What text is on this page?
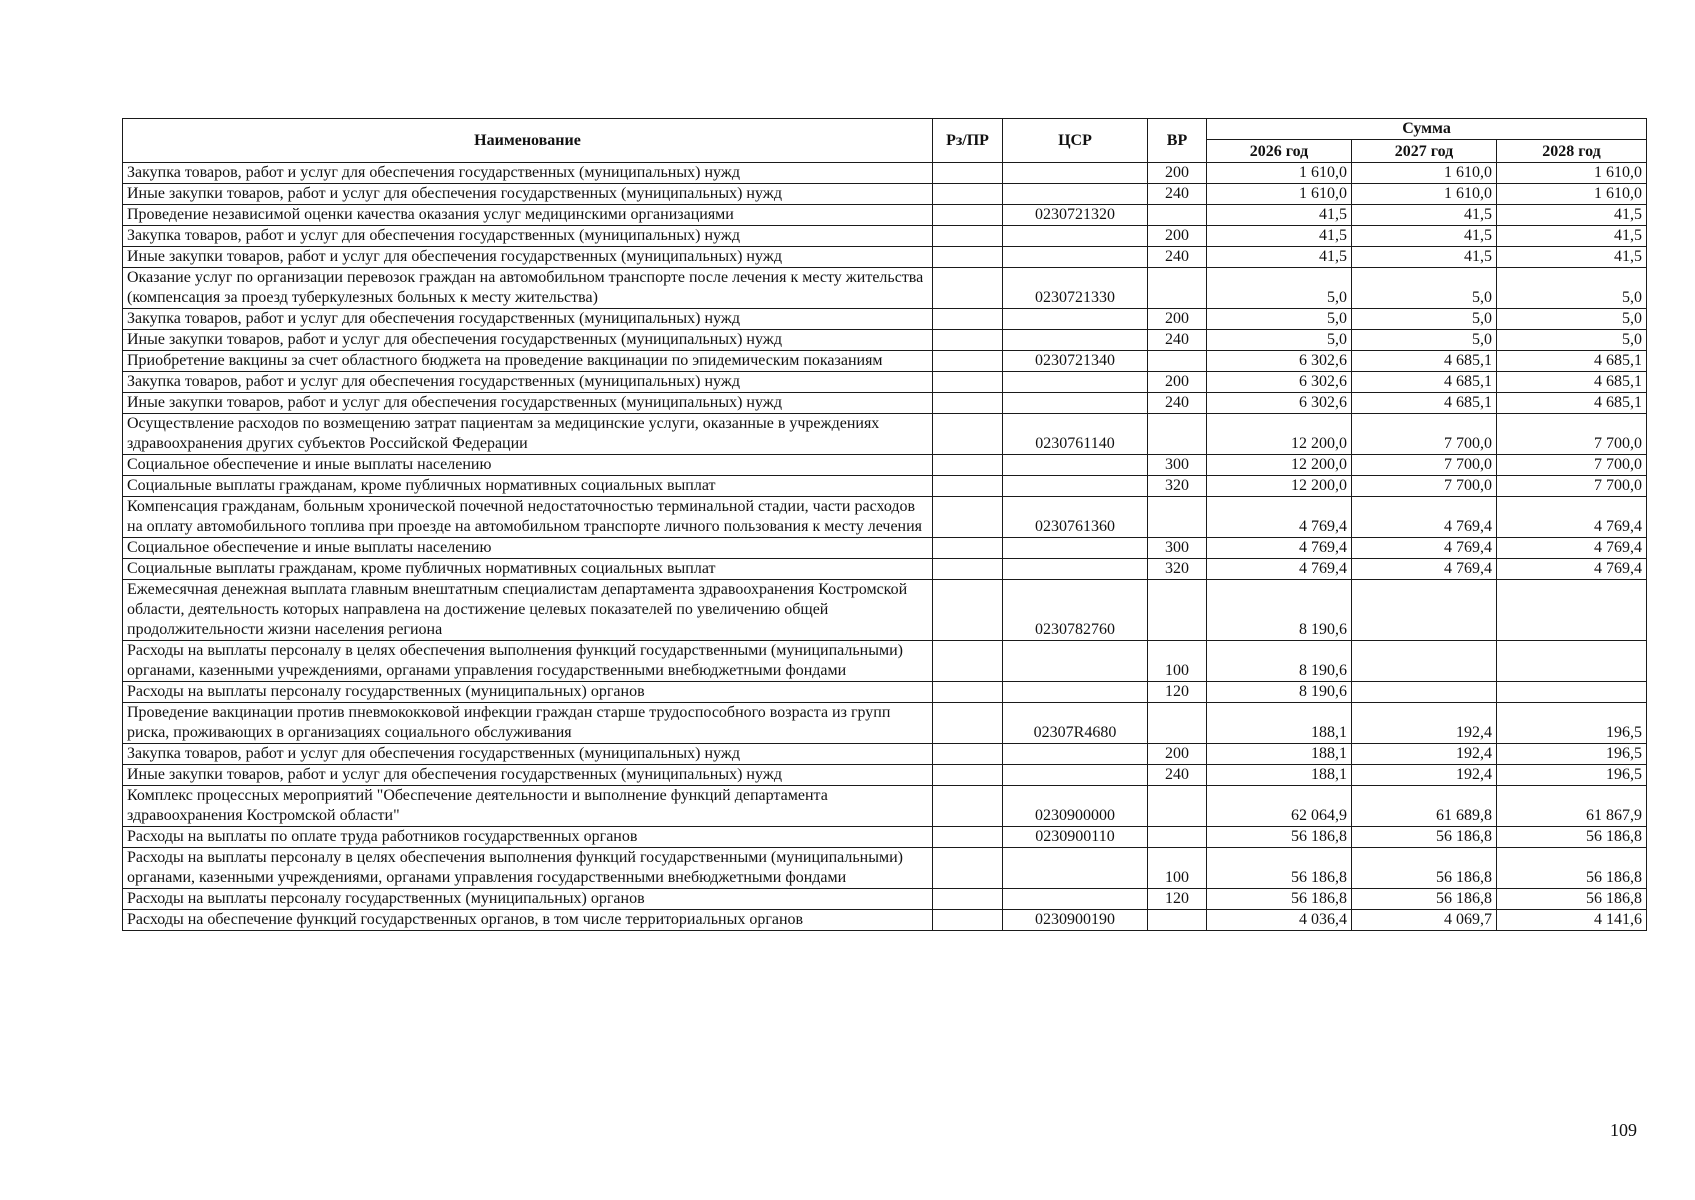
Наименование	Рз/ПР	ЦСР	ВР	Сумма		
				2026 год	2027 год	2028 год
Закупка товаров, работ и услуг для обеспечения государственных (муниципальных) нужд			200	1 610,0	1 610,0	1 610,0
Иные закупки товаров, работ и услуг для обеспечения государственных (муниципальных) нужд			240	1 610,0	1 610,0	1 610,0
Проведение независимой оценки качества оказания услуг медицинскими организациями		0230721320		41,5	41,5	41,5
Закупка товаров, работ и услуг для обеспечения государственных (муниципальных) нужд			200	41,5	41,5	41,5
Иные закупки товаров, работ и услуг для обеспечения государственных (муниципальных) нужд			240	41,5	41,5	41,5
Оказание услуг по организации перевозок граждан на автомобильном транспорте после лечения к месту жительства (компенсация за проезд туберкулезных больных к месту жительства)		0230721330		5,0	5,0	5,0
Закупка товаров, работ и услуг для обеспечения государственных (муниципальных) нужд			200	5,0	5,0	5,0
Иные закупки товаров, работ и услуг для обеспечения государственных (муниципальных) нужд			240	5,0	5,0	5,0
Приобретение вакцины за счет областного бюджета на проведение вакцинации по эпидемическим показаниям		0230721340		6 302,6	4 685,1	4 685,1
Закупка товаров, работ и услуг для обеспечения государственных (муниципальных) нужд			200	6 302,6	4 685,1	4 685,1
Иные закупки товаров, работ и услуг для обеспечения государственных (муниципальных) нужд			240	6 302,6	4 685,1	4 685,1
Осуществление расходов по возмещению затрат пациентам за медицинские услуги, оказанные в учреждениях здравоохранения других субъектов Российской Федерации		0230761140		12 200,0	7 700,0	7 700,0
Социальное обеспечение и иные выплаты населению			300	12 200,0	7 700,0	7 700,0
Социальные выплаты гражданам, кроме публичных нормативных социальных выплат			320	12 200,0	7 700,0	7 700,0
Компенсация гражданам, больным хронической почечной недостаточностью терминальной стадии, части расходов на оплату автомобильного топлива при проезде на автомобильном транспорте личного пользования к месту лечения		0230761360		4 769,4	4 769,4	4 769,4
Социальное обеспечение и иные выплаты населению			300	4 769,4	4 769,4	4 769,4
Социальные выплаты гражданам, кроме публичных нормативных социальных выплат			320	4 769,4	4 769,4	4 769,4
Ежемесячная денежная выплата главным внештатным специалистам департамента здравоохранения Костромской области, деятельность которых направлена на достижение целевых показателей по увеличению общей продолжительности жизни населения региона		0230782760		8 190,6		
Расходы на выплаты персоналу в целях обеспечения выполнения функций государственными (муниципальными) органами, казенными учреждениями, органами управления государственными внебюджетными фондами			100	8 190,6		
Расходы на выплаты персоналу государственных (муниципальных) органов			120	8 190,6		
Проведение вакцинации против пневмококковой инфекции граждан старше трудоспособного возраста из групп риска, проживающих в организациях социального обслуживания		02307R4680		188,1	192,4	196,5
Закупка товаров, работ и услуг для обеспечения государственных (муниципальных) нужд			200	188,1	192,4	196,5
Иные закупки товаров, работ и услуг для обеспечения государственных (муниципальных) нужд			240	188,1	192,4	196,5
Комплекс процессных мероприятий "Обеспечение деятельности и выполнение функций департамента здравоохранения Костромской области"		0230900000		62 064,9	61 689,8	61 867,9
Расходы на выплаты по оплате труда работников государственных органов		0230900110		56 186,8	56 186,8	56 186,8
Расходы на выплаты персоналу в целях обеспечения выполнения функций государственными (муниципальными) органами, казенными учреждениями, органами управления государственными внебюджетными фондами			100	56 186,8	56 186,8	56 186,8
Расходы на выплаты персоналу государственных (муниципальных) органов			120	56 186,8	56 186,8	56 186,8
Расходы на обеспечение функций государственных органов, в том числе территориальных органов		0230900190		4 036,4	4 069,7	4 141,6
109
